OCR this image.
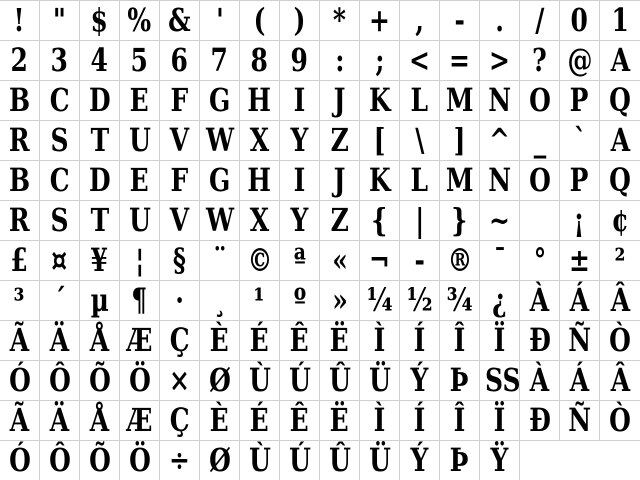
! " $ % & ' ( ) * + , - . / 0 1
2 3 4 5 6 7 8 9 : ; < = > ? @ A
B C D E F G H I J K L M N O P Q
R S T U V W X Y Z [ \ ] ^ _ ` A
B C D E F G H I J K L M N O P Q
R S T U V W X Y Z { | } ~	¡ ¢
£ ¤ ¥ ¦ § ¨ © ª « ¬ - ® ¯ ° ± ²
³ ´ µ ¶ · ¸ ¹ º » ¼ ½ ¾ ¿ À Á Â
Ã Ä Å Æ Ç È É Ê Ë Ì Í Î Ï Ð Ñ Ò
Ó Ô Õ Ö × Ø Ù Ú Û Ü Ý Þ SS À Á Â
Ã Ä Å Æ Ç È É Ê Ë Ì Í Î Ï Ð Ñ Ò
Ó Ô Õ Ö ÷ Ø Ù Ú Û Ü Ý Þ Ÿ
